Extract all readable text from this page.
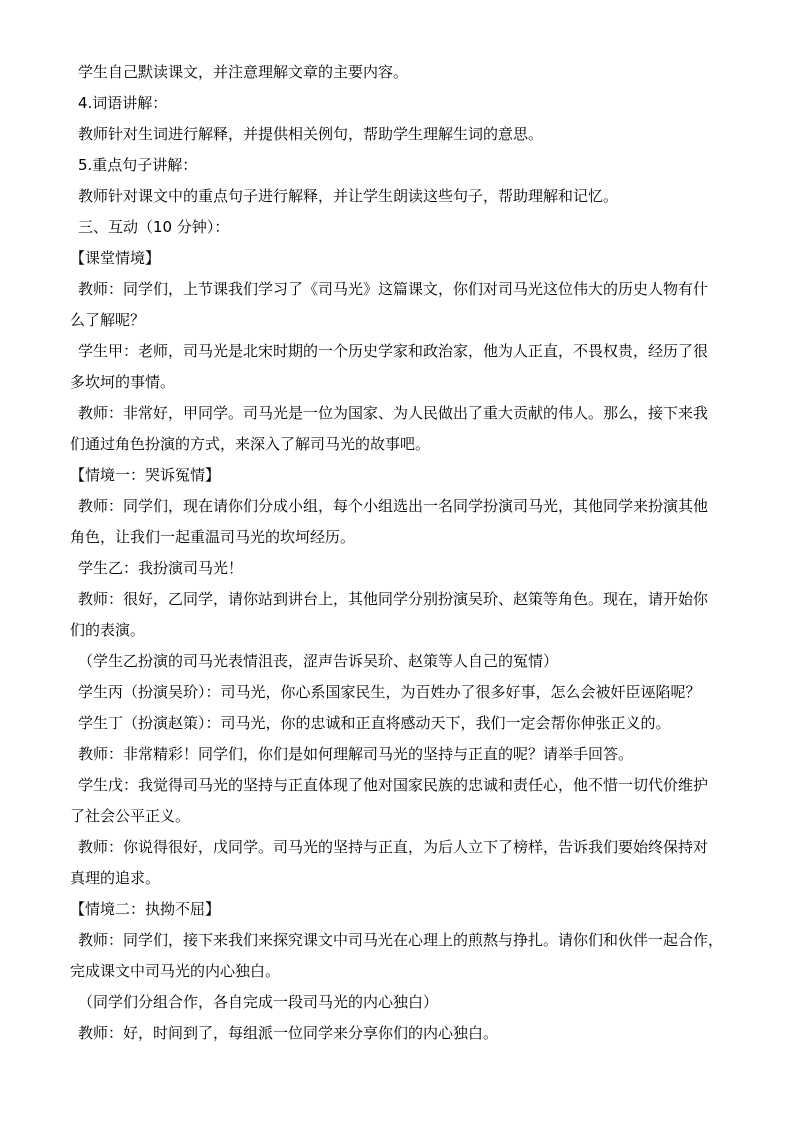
学生自己默读课文，并注意理解文章的主要内容。
4.词语讲解：
教师针对生词进行解释，并提供相关例句，帮助学生理解生词的意思。
5.重点句子讲解：
教师针对课文中的重点句子进行解释，并让学生朗读这些句子，帮助理解和记忆。
三、互动（10 分钟）：
【课堂情境】
教师：同学们，上节课我们学习了《司马光》这篇课文，你们对司马光这位伟大的历史人物有什
么了解呢？
学生甲：老师，司马光是北宋时期的一个历史学家和政治家，他为人正直，不畏权贵，经历了很
多坎坷的事情。
教师：非常好，甲同学。司马光是一位为国家、为人民做出了重大贡献的伟人。那么，接下来我
们通过角色扮演的方式，来深入了解司马光的故事吧。
【情境一：哭诉冤情】
教师：同学们，现在请你们分成小组，每个小组选出一名同学扮演司马光，其他同学来扮演其他
角色，让我们一起重温司马光的坎坷经历。
学生乙：我扮演司马光！
教师：很好，乙同学，请你站到讲台上，其他同学分别扮演吴玠、赵策等角色。现在，请开始你
们的表演。
（学生乙扮演的司马光表情沮丧，涩声告诉吴玠、赵策等人自己的冤情）
学生丙（扮演吴玠）：司马光，你心系国家民生，为百姓办了很多好事，怎么会被奸臣诬陷呢？
学生丁（扮演赵策）：司马光，你的忠诚和正直将感动天下，我们一定会帮你伸张正义的。
教师：非常精彩！同学们，你们是如何理解司马光的坚持与正直的呢？请举手回答。
学生戊：我觉得司马光的坚持与正直体现了他对国家民族的忠诚和责任心，他不惜一切代价维护
了社会公平正义。
教师：你说得很好，戊同学。司马光的坚持与正直，为后人立下了榜样，告诉我们要始终保持对
真理的追求。
【情境二：执拗不屈】
教师：同学们，接下来我们来探究课文中司马光在心理上的煎熬与挣扎。请你们和伙伴一起合作，
完成课文中司马光的内心独白。
（同学们分组合作，各自完成一段司马光的内心独白）
教师：好，时间到了，每组派一位同学来分享你们的内心独白。
